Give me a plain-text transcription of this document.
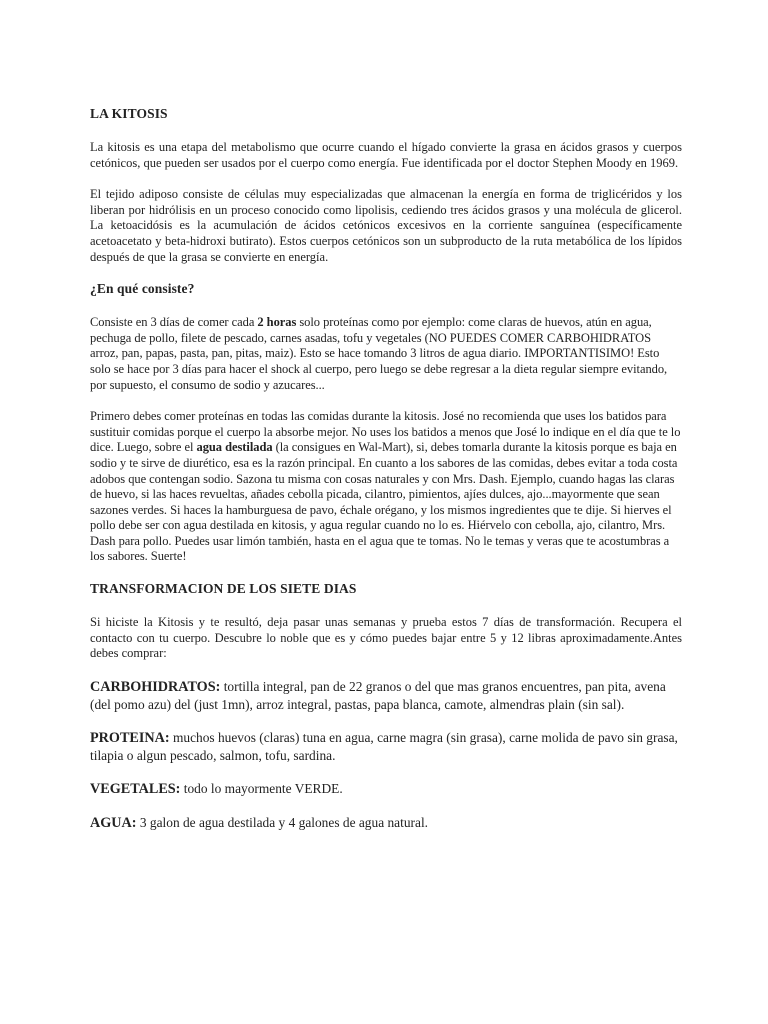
LA KITOSIS

La kitosis es una etapa del metabolismo que ocurre cuando el hígado convierte la grasa en ácidos grasos y cuerpos cetónicos, que pueden ser usados por el cuerpo como energía. Fue identificada por el doctor Stephen Moody en 1969.

El tejido adiposo consiste de células muy especializadas que almacenan la energía en forma de triglicéridos y los liberan por hidrólisis en un proceso conocido como lipolisis, cediendo tres ácidos grasos y una molécula de glicerol. La ketoacidósis es la acumulación de ácidos cetónicos excesivos en la corriente sanguínea (específicamente acetoacetato y beta-hidroxi butirato). Estos cuerpos cetónicos son un subproducto de la ruta metabólica de los lípidos después de que la grasa se convierte en energía.

¿En qué consiste?

Consiste en 3 días de comer cada 2 horas solo proteínas como por ejemplo: come claras de huevos, atún en agua, pechuga de pollo, filete de pescado, carnes asadas, tofu y vegetales (NO PUEDES COMER CARBOHIDRATOS arroz, pan, papas, pasta, pan, pitas, maiz). Esto se hace tomando 3 litros de agua diario. IMPORTANTISIMO! Esto solo se hace por 3 días para hacer el shock al cuerpo, pero luego se debe regresar a la dieta regular siempre evitando, por supuesto, el consumo de sodio y azucares...

Primero debes comer proteínas en todas las comidas durante la kitosis. José no recomienda que uses los batidos para sustituir comidas porque el cuerpo la absorbe mejor. No uses los batidos a menos que José lo indique en el día que te lo dice. Luego, sobre el agua destilada (la consigues en Wal-Mart), si, debes tomarla durante la kitosis porque es baja en sodio y te sirve de diurético, esa es la razón principal. En cuanto a los sabores de las comidas, debes evitar a toda costa adobos que contengan sodio. Sazona tu misma con cosas naturales y con Mrs. Dash. Ejemplo, cuando hagas las claras de huevo, si las haces revueltas, añades cebolla picada, cilantro, pimientos, ajíes dulces, ajo...mayormente que sean sazones verdes. Si haces la hamburguesa de pavo, échale orégano, y los mismos ingredientes que te dije. Si hierves el pollo debe ser con agua destilada en kitosis, y agua regular cuando no lo es. Hiérvelo con cebolla, ajo, cilantro, Mrs. Dash para pollo. Puedes usar limón también, hasta en el agua que te tomas. No le temas y veras que te acostumbras a los sabores. Suerte!

TRANSFORMACION DE LOS SIETE DIAS

Si hiciste la Kitosis y te resultó, deja pasar unas semanas y prueba estos 7 días de transformación. Recupera el contacto con tu cuerpo. Descubre lo noble que es y cómo puedes bajar entre 5 y 12 libras aproximadamente.Antes debes comprar:

CARBOHIDRATOS: tortilla integral, pan de 22 granos o del que mas granos encuentres, pan pita, avena (del pomo azu) del (just 1mn), arroz integral, pastas, papa blanca, camote, almendras plain (sin sal).

PROTEINA: muchos huevos (claras) tuna en agua, carne magra (sin grasa), carne molida de pavo sin grasa, tilapia o algun pescado, salmon, tofu, sardina.

VEGETALES: todo lo mayormente VERDE.

AGUA: 3 galon de agua destilada y 4 galones de agua natural.
